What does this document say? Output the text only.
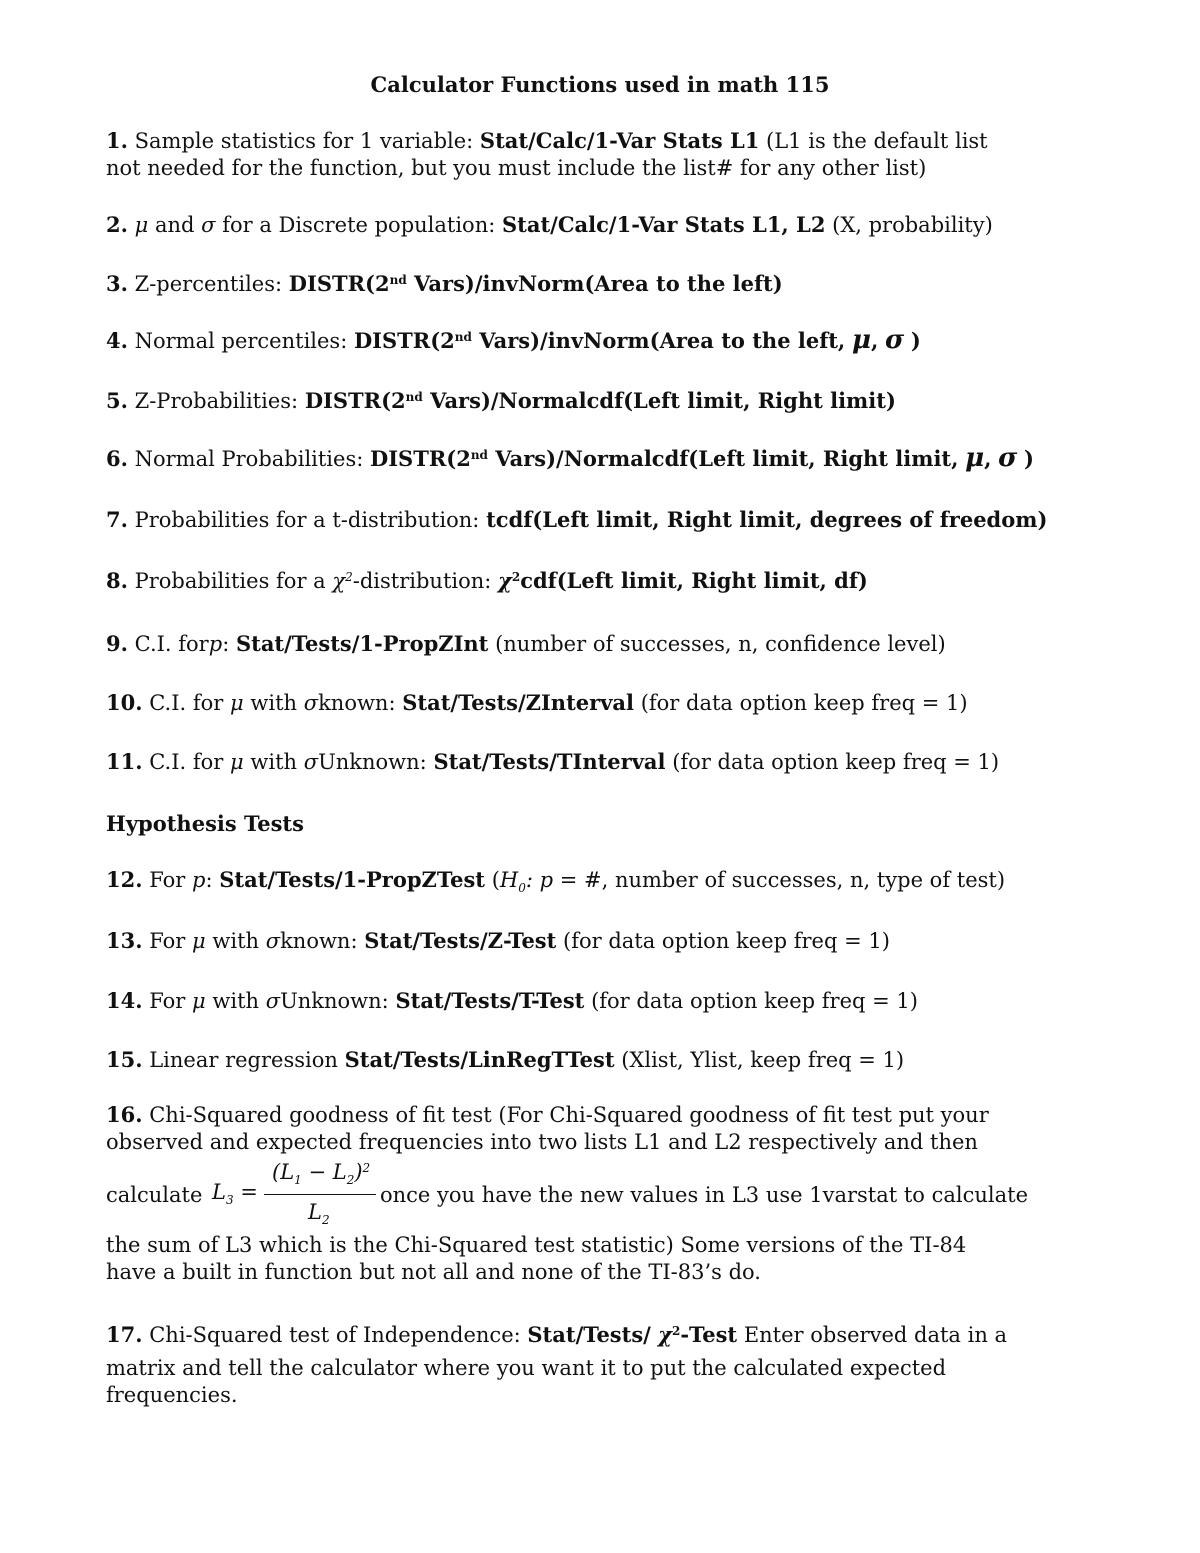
Calculator Functions used in math 115
1. Sample statistics for 1 variable: Stat/Calc/1-Var Stats L1 (L1 is the default list
not needed for the function, but you must include the list# for any other list)
2. μ and σ for a Discrete population: Stat/Calc/1-Var Stats L1, L2 (X, probability)
3. Z-percentiles: DISTR(2nd Vars)/invNorm(Area to the left)
4. Normal percentiles: DISTR(2nd Vars)/invNorm(Area to the left, μ, σ )
5. Z-Probabilities: DISTR(2nd Vars)/Normalcdf(Left limit, Right limit)
6. Normal Probabilities: DISTR(2nd Vars)/Normalcdf(Left limit, Right limit, μ, σ )
7. Probabilities for a t-distribution: tcdf(Left limit, Right limit, degrees of freedom)
8. Probabilities for a $\chi^2$-distribution: $\chi^2cdf(Left$ limit, Right limit, df)
9. C.I. forp: Stat/Tests/1-PropZInt (number of successes, n, confidence level)
10. C.I. for μ with σknown: Stat/Tests/ZInterval (for data option keep freq = 1)
11. C.I. for μ with σUnknown: Stat/Tests/TInterval (for data option keep freq = 1)
Hypothesis Tests
12. For p: Stat/Tests/1-PropZTest ($H_0$: p = #, number of successes, n, type of test)
13. For μ with σknown: Stat/Tests/Z-Test (for data option keep freq = 1)
14. For μ with σUnknown: Stat/Tests/T-Test (for data option keep freq = 1)
15. Linear regression Stat/Tests/LinRegTTest (Xlist, Ylist, keep freq = 1)
16. Chi-Squared goodness of fit test (For Chi-Squared goodness of fit test put your
observed and expected frequencies into two lists L1 and L2 respectively and then
calculate $L_3$ =
$(L_1 - L_2)^2$
$L_2$
once you have the new values in L3 use 1varstat to calculate
the sum of L3 which is the Chi-Squared test statistic) Some versions of the TI-84
have a built in function but not all and none of the TI-83’s do.
17. Chi-Squared test of Independence: Stat/Tests/ $\chi^2$-Test Enter observed data in a
matrix and tell the calculator where you want it to put the calculated expected
frequencies.
